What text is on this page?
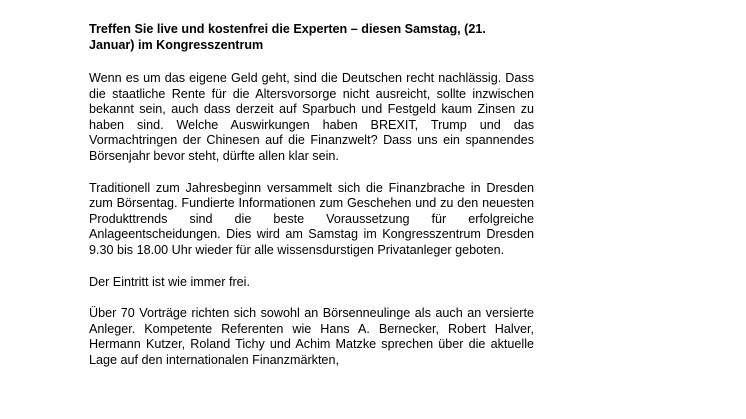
Treffen Sie live und kostenfrei die Experten – diesen Samstag, (21. Januar) im Kongresszentrum

Wenn es um das eigene Geld geht, sind die Deutschen recht nachlässig. Dass die staatliche Rente für die Altersvorsorge nicht ausreicht, sollte inzwischen bekannt sein, auch dass derzeit auf Sparbuch und Festgeld kaum Zinsen zu haben sind. Welche Auswirkungen haben BREXIT, Trump und das Vormachtringen der Chinesen auf die Finanzwelt? Dass uns ein spannendes Börsenjahr bevor steht, dürfte allen klar sein.

Traditionell zum Jahresbeginn versammelt sich die Finanzbrache in Dresden zum Börsentag. Fundierte Informationen zum Geschehen und zu den neuesten Produkttrends sind die beste Voraussetzung für erfolgreiche Anlageentscheidungen. Dies wird am Samstag im Kongresszentrum Dresden 9.30 bis 18.00 Uhr wieder für alle wissensdurstigen Privatanleger geboten.

Der Eintritt ist wie immer frei.

Über 70 Vorträge richten sich sowohl an Börsenneulinge als auch an versierte Anleger. Kompetente Referenten wie Hans A. Bernecker, Robert Halver, Hermann Kutzer, Roland Tichy und Achim Matzke sprechen über die aktuelle Lage auf den internationalen Finanzmärkten,
